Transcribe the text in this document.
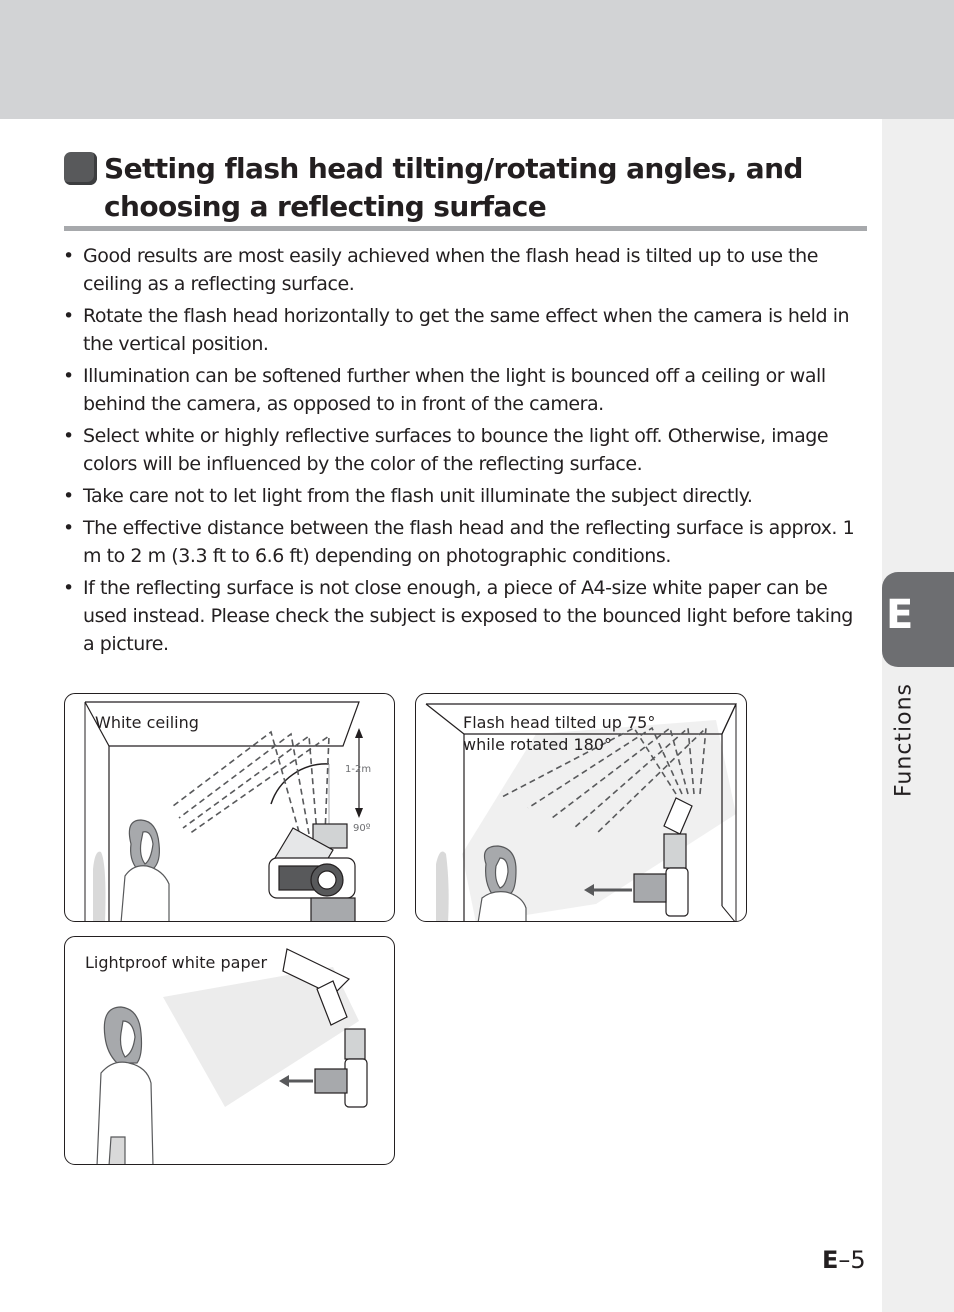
E
Functions
Setting flash head tilting/rotating angles, and choosing a reflecting surface
• Good results are most easily achieved when the flash head is tilted up to use the ceiling as a reflecting surface.
• Rotate the flash head horizontally to get the same effect when the camera is held in the vertical position.
• Illumination can be softened further when the light is bounced off a ceiling or wall behind the camera, as opposed to in front of the camera.
• Select white or highly reflective surfaces to bounce the light off. Otherwise, image colors will be influenced by the color of the reflecting surface.
• Take care not to let light from the flash unit illuminate the subject directly.
• The effective distance between the flash head and the reflecting surface is approx. 1 m to 2 m (3.3 ft to 6.6 ft) depending on photographic conditions.
• If the reflecting surface is not close enough, a piece of A4-size white paper can be used instead. Please check the subject is exposed to the bounced light before taking a picture.
White ceiling
1-2m
90º
Flash head tilted up 75°
while rotated 180°
Lightproof white paper
E–5
